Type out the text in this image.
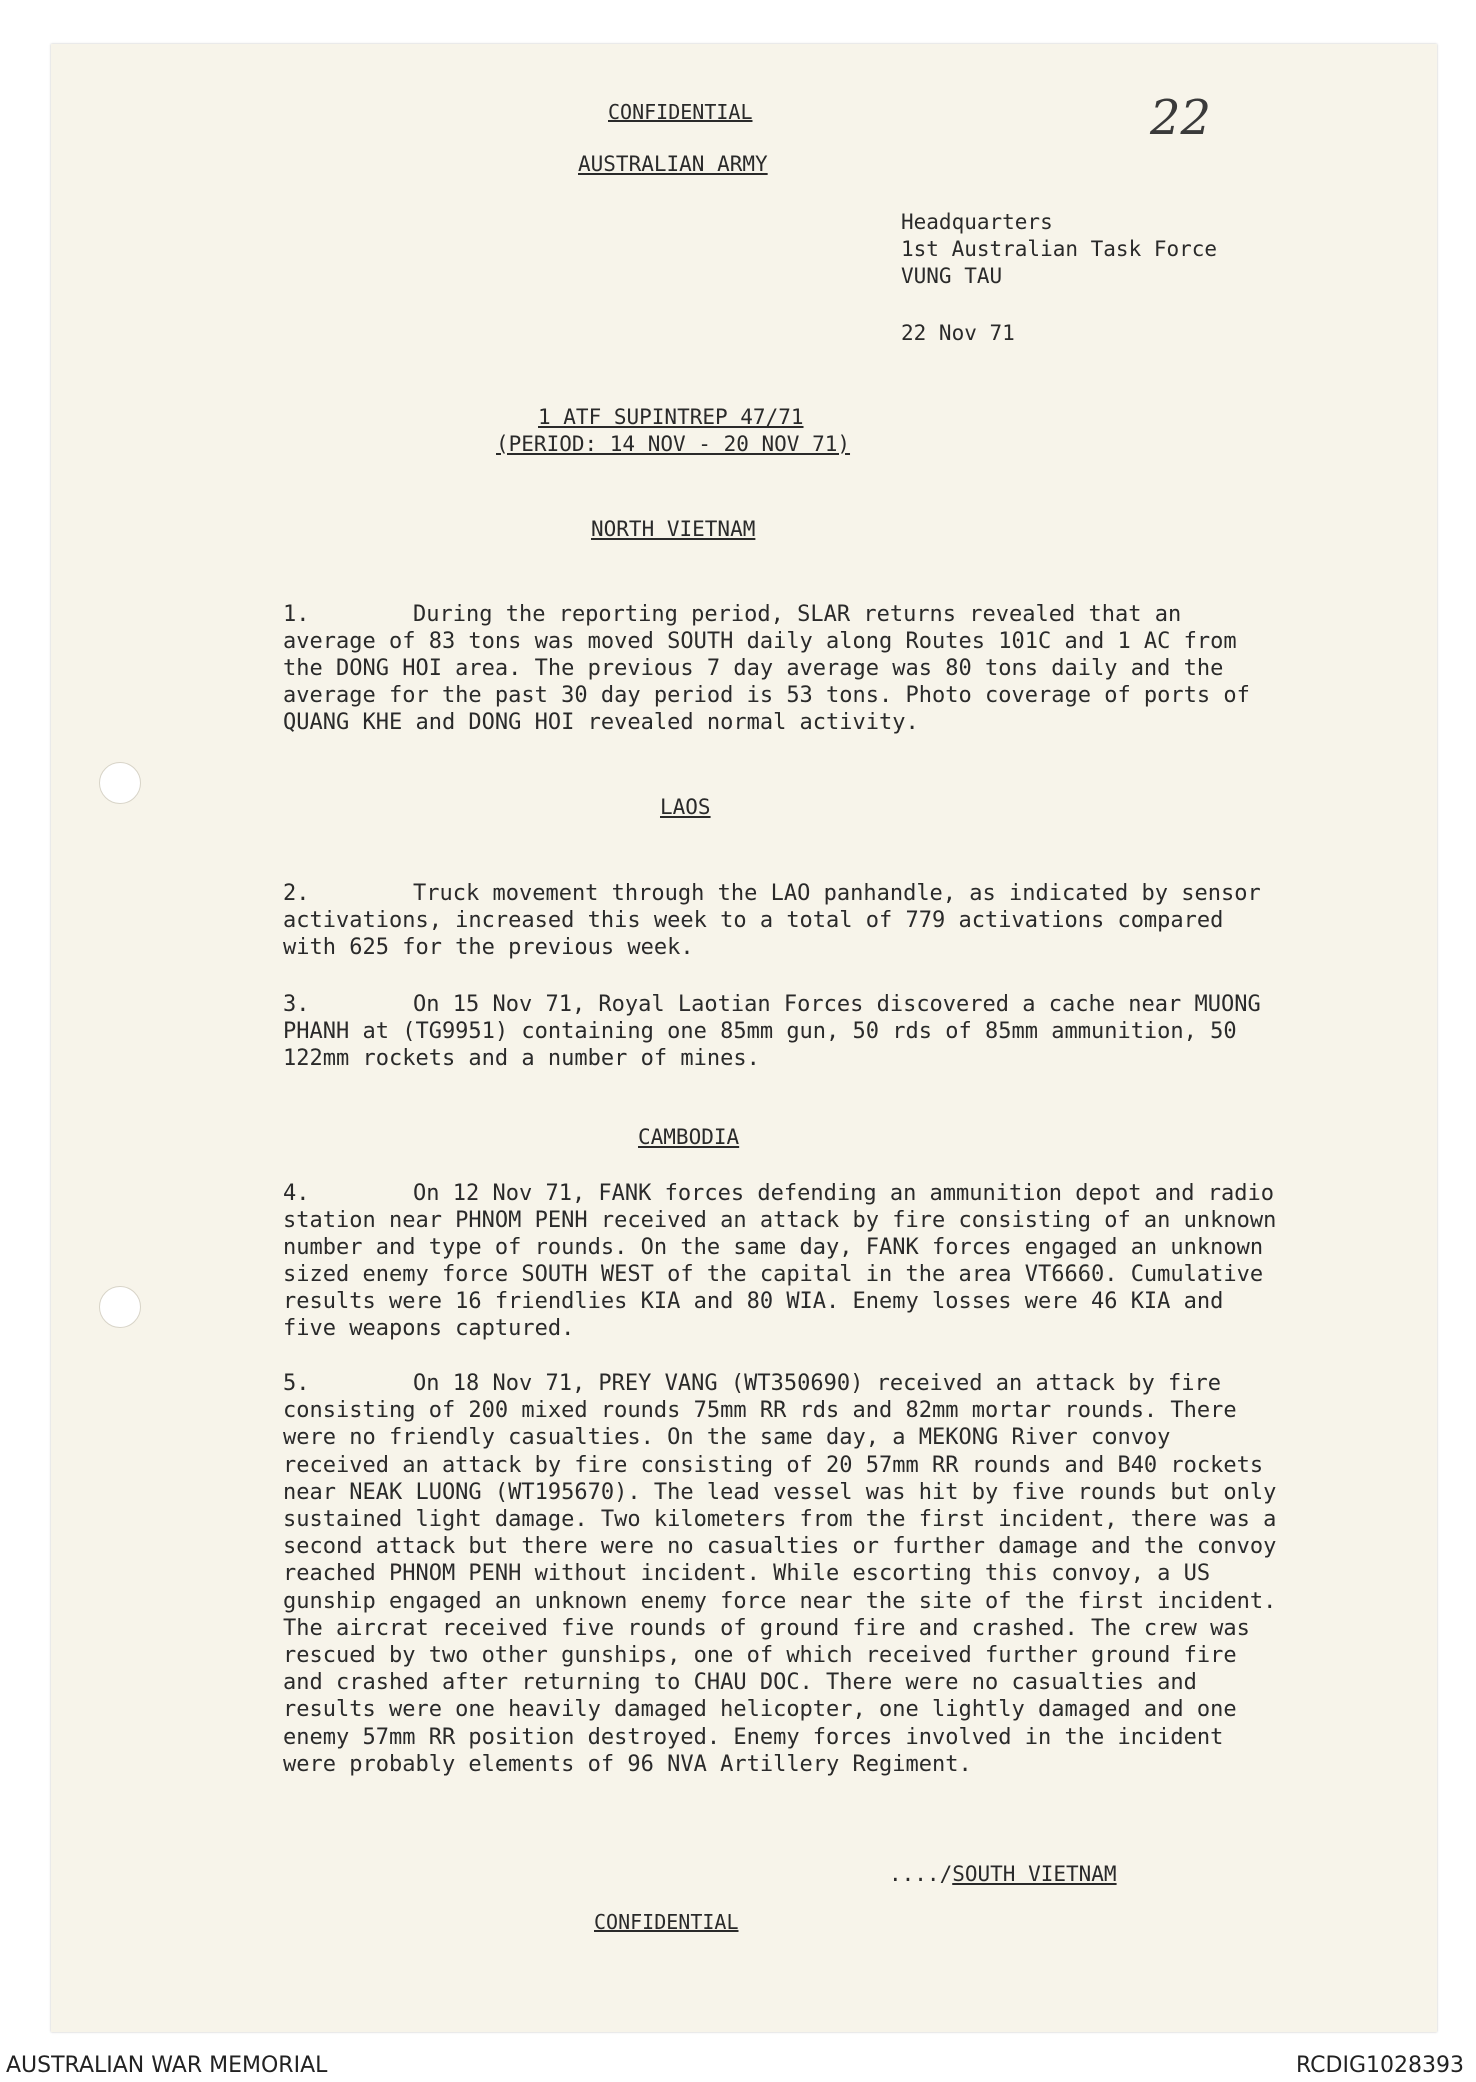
CONFIDENTIAL
AUSTRALIAN ARMY
22
Headquarters
1st Australian Task Force
VUNG TAU
22 Nov 71
1 ATF SUPINTREP 47/71
(PERIOD: 14 NOV - 20 NOV 71)
NORTH VIETNAM
1.	During the reporting period, SLAR returns revealed that an average of 83 tons was moved SOUTH daily along Routes 101C and 1 AC from the DONG HOI area. The previous 7 day average was 80 tons daily and the average for the past 30 day period is 53 tons. Photo coverage of ports of QUANG KHE and DONG HOI revealed normal activity.
LAOS
2.	Truck movement through the LAO panhandle, as indicated by sensor activations, increased this week to a total of 779 activations compared with 625 for the previous week.
3.	On 15 Nov 71, Royal Laotian Forces discovered a cache near MUONG PHANH at (TG9951) containing one 85mm gun, 50 rds of 85mm ammunition, 50 122mm rockets and a number of mines.
CAMBODIA
4.	On 12 Nov 71, FANK forces defending an ammunition depot and radio station near PHNOM PENH received an attack by fire consisting of an unknown number and type of rounds. On the same day, FANK forces engaged an unknown sized enemy force SOUTH WEST of the capital in the area VT6660. Cumulative results were 16 friendlies KIA and 80 WIA. Enemy losses were 46 KIA and five weapons captured.
5.	On 18 Nov 71, PREY VANG (WT350690) received an attack by fire consisting of 200 mixed rounds 75mm RR rds and 82mm mortar rounds. There were no friendly casualties. On the same day, a MEKONG River convoy received an attack by fire consisting of 20 57mm RR rounds and B40 rockets near NEAK LUONG (WT195670). The lead vessel was hit by five rounds but only sustained light damage. Two kilometers from the first incident, there was a second attack but there were no casualties or further damage and the convoy reached PHNOM PENH without incident. While escorting this convoy, a US gunship engaged an unknown enemy force near the site of the first incident. The aircrat received five rounds of ground fire and crashed. The crew was rescued by two other gunships, one of which received further ground fire and crashed after returning to CHAU DOC. There were no casualties and results were one heavily damaged helicopter, one lightly damaged and one enemy 57mm RR position destroyed. Enemy forces involved in the incident were probably elements of 96 NVA Artillery Regiment.
..../SOUTH VIETNAM
CONFIDENTIAL
AUSTRALIAN WAR MEMORIAL	RCDIG1028393
